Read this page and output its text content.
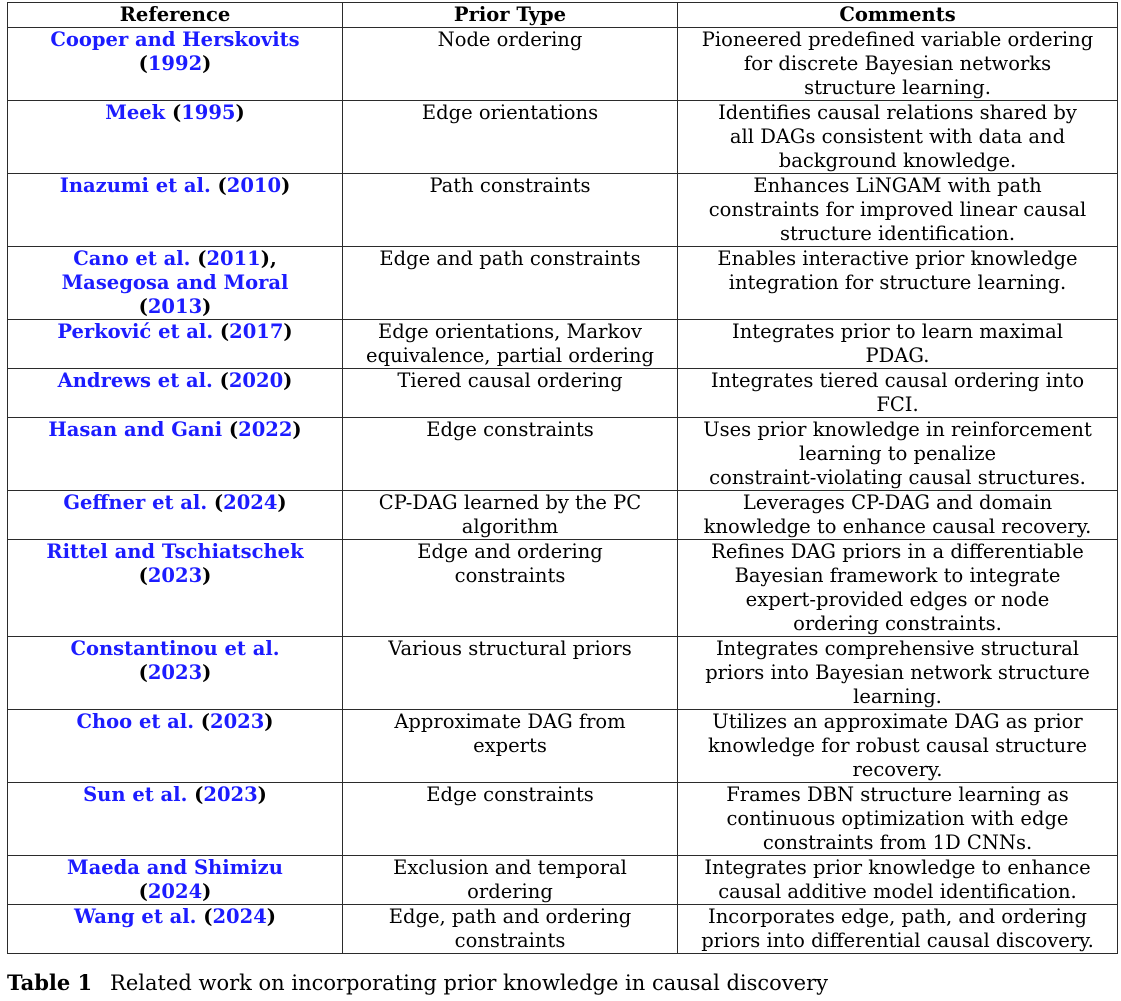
Reference	Prior Type	Comments

Cooper and Herskovits
(1992)	Node ordering	Pioneered predefined variable ordering
for discrete Bayesian networks
structure learning.

Meek (1995)	Edge orientations	Identifies causal relations shared by
all DAGs consistent with data and
background knowledge.

Inazumi et al. (2010)	Path constraints	Enhances LiNGAM with path
constraints for improved linear causal
structure identification.

Cano et al. (2011),
Masegosa and Moral
(2013)	Edge and path constraints	Enables interactive prior knowledge
integration for structure learning.

Perković et al. (2017)	Edge orientations, Markov
equivalence, partial ordering	Integrates prior to learn maximal
PDAG.

Andrews et al. (2020)	Tiered causal ordering	Integrates tiered causal ordering into
FCI.

Hasan and Gani (2022)	Edge constraints	Uses prior knowledge in reinforcement
learning to penalize
constraint-violating causal structures.

Geffner et al. (2024)	CP-DAG learned by the PC
algorithm	Leverages CP-DAG and domain
knowledge to enhance causal recovery.

Rittel and Tschiatschek
(2023)	Edge and ordering
constraints	Refines DAG priors in a differentiable
Bayesian framework to integrate
expert-provided edges or node
ordering constraints.

Constantinou et al.
(2023)	Various structural priors	Integrates comprehensive structural
priors into Bayesian network structure
learning.

Choo et al. (2023)	Approximate DAG from
experts	Utilizes an approximate DAG as prior
knowledge for robust causal structure
recovery.

Sun et al. (2023)	Edge constraints	Frames DBN structure learning as
continuous optimization with edge
constraints from 1D CNNs.

Maeda and Shimizu
(2024)	Exclusion and temporal
ordering	Integrates prior knowledge to enhance
causal additive model identification.

Wang et al. (2024)	Edge, path and ordering
constraints	Incorporates edge, path, and ordering
priors into differential causal discovery.
Table 1 Related work on incorporating prior knowledge in causal discovery
